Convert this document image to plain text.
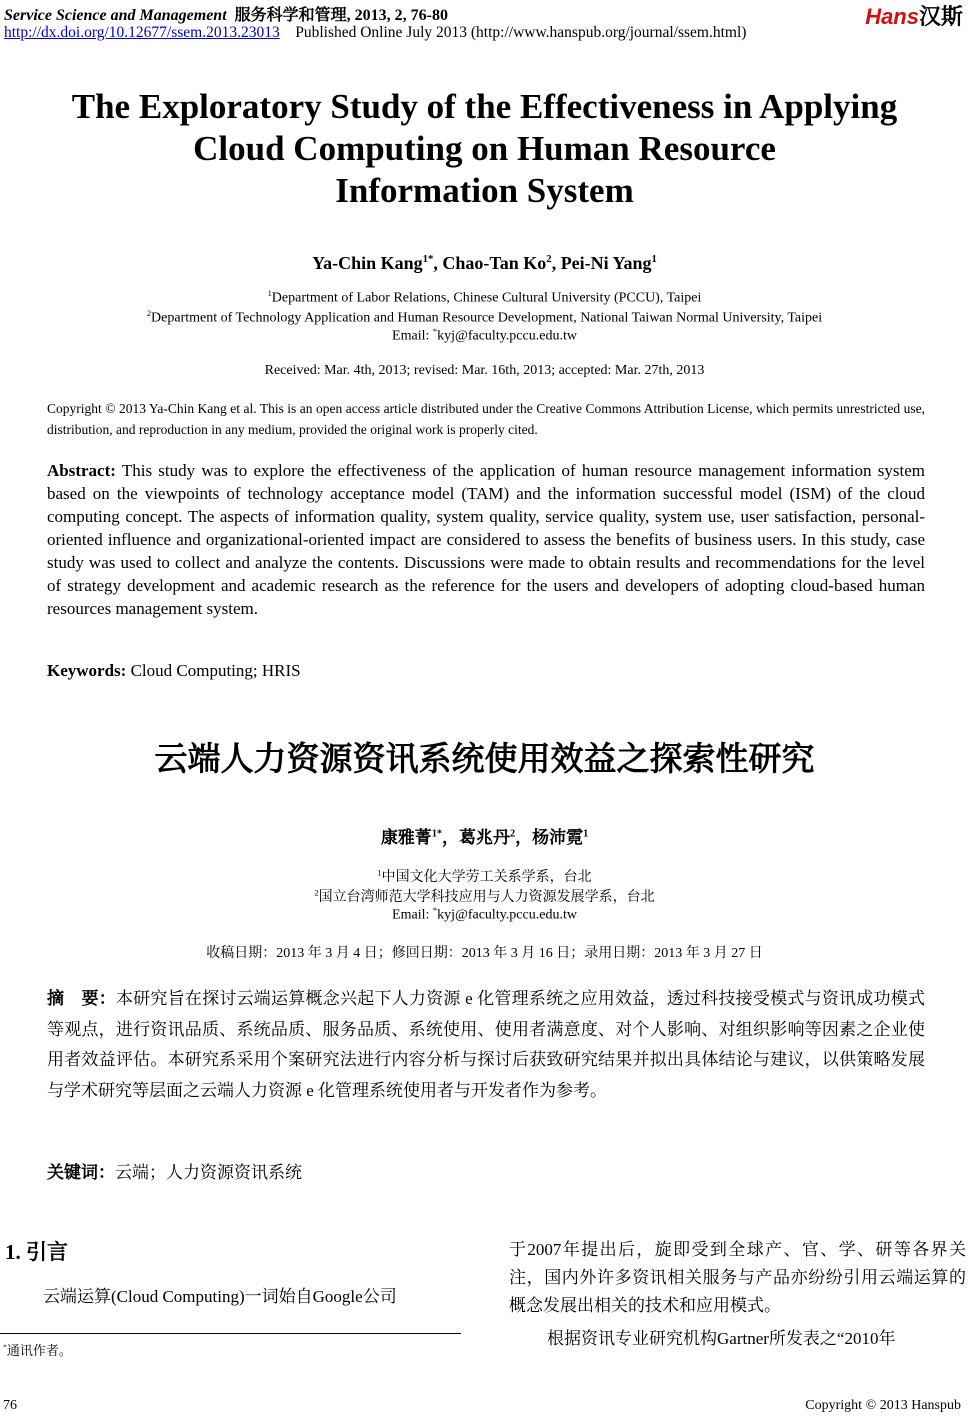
Service Science and Management 服务科学和管理, 2013, 2, 76-80
http://dx.doi.org/10.12677/ssem.2013.23013 Published Online July 2013 (http://www.hanspub.org/journal/ssem.html)
Hans汉斯
The Exploratory Study of the Effectiveness in Applying
Cloud Computing on Human Resource
Information System
Ya-Chin Kang$^{1*}$, Chao-Tan Ko$^2$, Pei-Ni Yang$^1$
$^1$Department of Labor Relations, Chinese Cultural University (PCCU), Taipei
$^2$Department of Technology Application and Human Resource Development, National Taiwan Normal University, Taipei
Email: *kyj@faculty.pccu.edu.tw
Received: Mar. 4th, 2013; revised: Mar. 16th, 2013; accepted: Mar. 27th, 2013
Copyright © 2013 Ya-Chin Kang et al. This is an open access article distributed under the Creative Commons Attribution License, which permits unrestricted use, distribution, and reproduction in any medium, provided the original work is properly cited.
Abstract: This study was to explore the effectiveness of the application of human resource management information system based on the viewpoints of technology acceptance model (TAM) and the information successful model (ISM) of the cloud computing concept. The aspects of information quality, system quality, service quality, system use, user satisfaction, personal-oriented influence and organizational-oriented impact are considered to assess the benefits of business users. In this study, case study was used to collect and analyze the contents. Discussions were made to obtain results and recommendations for the level of strategy development and academic research as the reference for the users and developers of adopting cloud-based human resources management system.
Keywords: Cloud Computing; HRIS
云端人力资源资讯系统使用效益之探索性研究
康雅菁$^{1*}$，葛兆丹$^2$，杨沛霓$^1$
$^1$中国文化大学劳工关系学系，台北
$^2$国立台湾师范大学科技应用与人力资源发展学系，台北
Email: *kyj@faculty.pccu.edu.tw
收稿日期：2013 年 3 月 4 日；修回日期：2013 年 3 月 16 日；录用日期：2013 年 3 月 27 日
摘　要：本研究旨在探讨云端运算概念兴起下人力资源 e 化管理系统之应用效益，透过科技接受模式与资讯成功模式等观点，进行资讯品质、系统品质、服务品质、系统使用、使用者满意度、对个人影响、对组织影响等因素之企业使用者效益评估。本研究系采用个案研究法进行内容分析与探讨后获致研究结果并拟出具体结论与建议，以供策略发展与学术研究等层面之云端人力资源 e 化管理系统使用者与开发者作为参考。
关键词：云端；人力资源资讯系统
1. 引言
云端运算(Cloud Computing)一词始自Google公司
于2007年提出后，旋即受到全球产、官、学、研等各界关注，国内外许多资讯相关服务与产品亦纷纷引用云端运算的概念发展出相关的技术和应用模式。
根据资讯专业研究机构Gartner所发表之“2010年
*通讯作者。
76	Copyright © 2013 Hanspub
